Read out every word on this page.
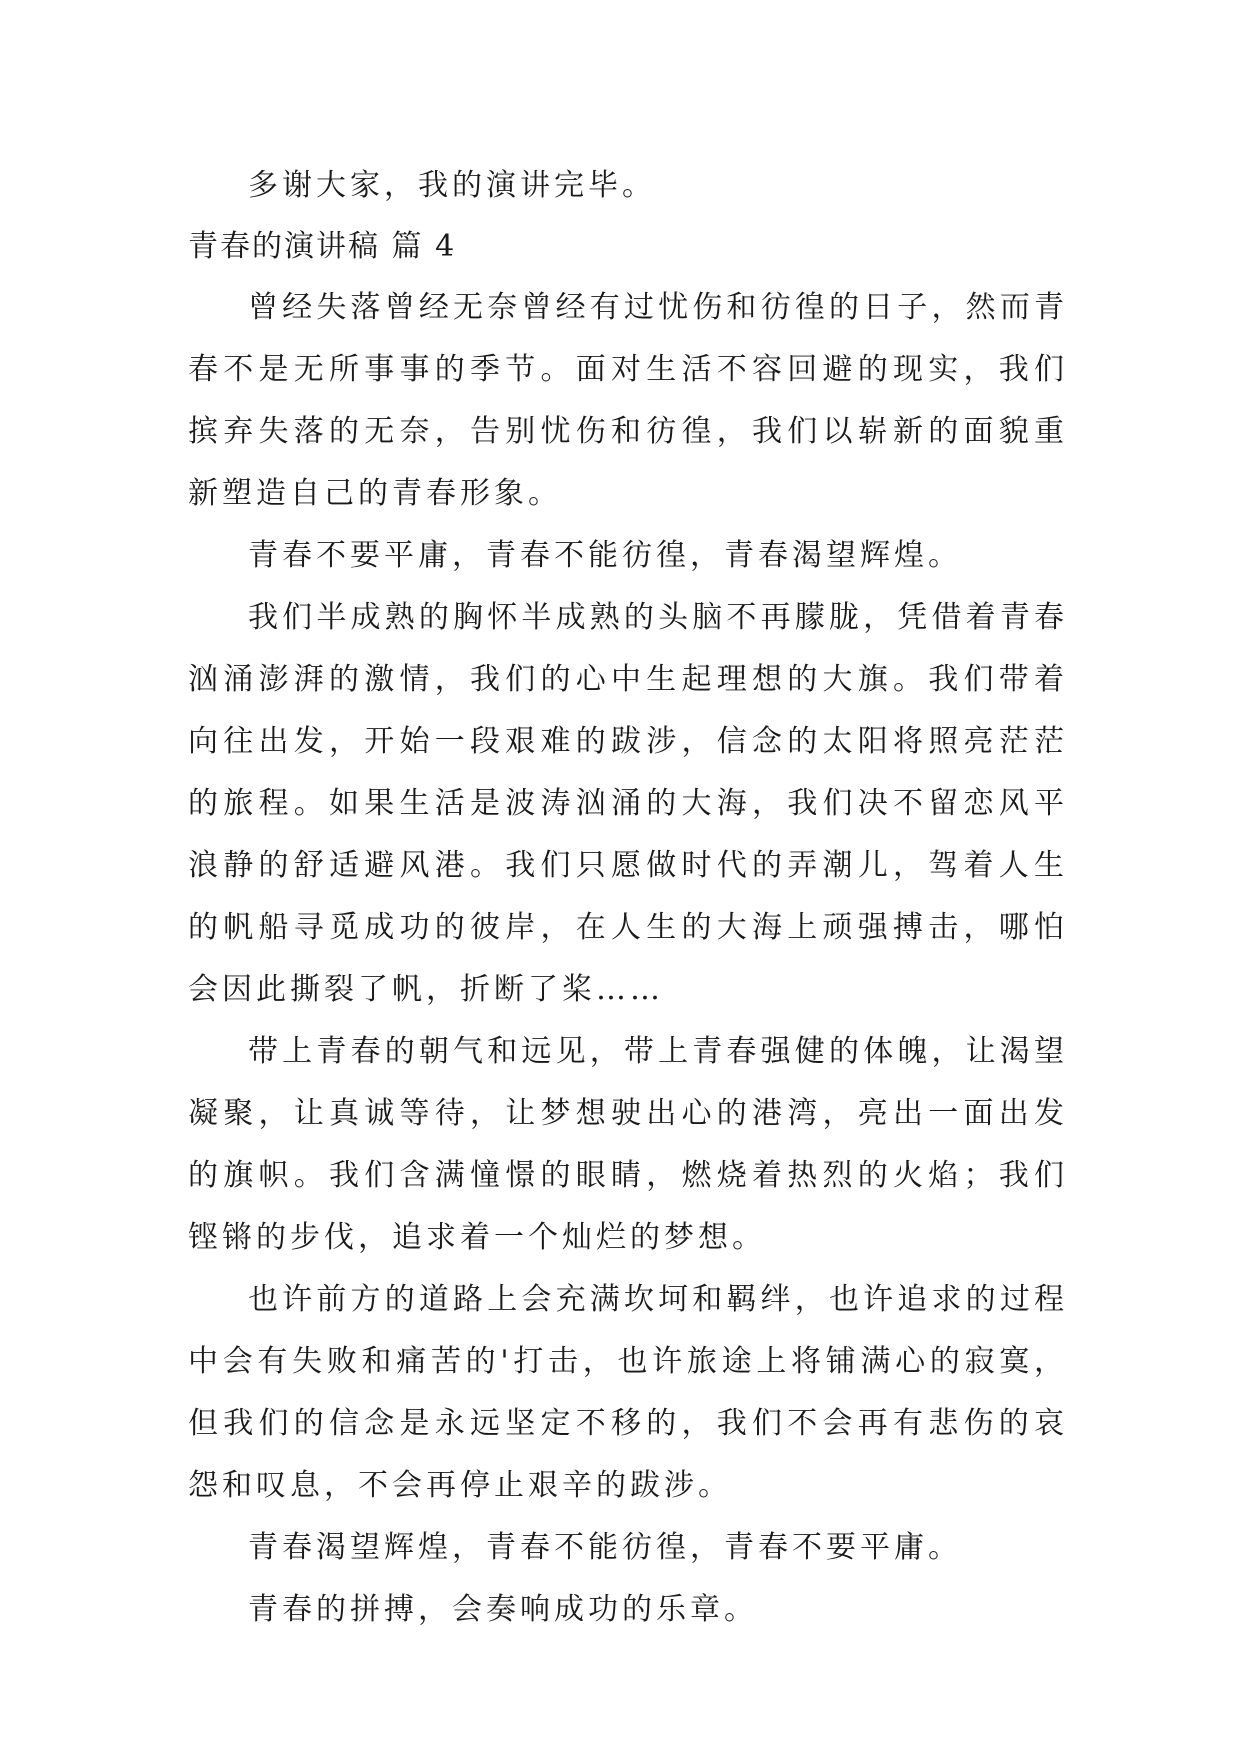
多谢大家，我的演讲完毕。

青春的演讲稿 篇 4

曾经失落曾经无奈曾经有过忧伤和彷徨的日子，然而青春不是无所事事的季节。面对生活不容回避的现实，我们摈弃失落的无奈，告别忧伤和彷徨，我们以崭新的面貌重新塑造自己的青春形象。

青春不要平庸，青春不能彷徨，青春渴望辉煌。

我们半成熟的胸怀半成熟的头脑不再朦胧，凭借着青春汹涌澎湃的激情，我们的心中生起理想的大旗。我们带着向往出发，开始一段艰难的跋涉，信念的太阳将照亮茫茫的旅程。如果生活是波涛汹涌的大海，我们决不留恋风平浪静的舒适避风港。我们只愿做时代的弄潮儿，驾着人生的帆船寻觅成功的彼岸，在人生的大海上顽强搏击，哪怕会因此撕裂了帆，折断了桨……

带上青春的朝气和远见，带上青春强健的体魄，让渴望凝聚，让真诚等待，让梦想驶出心的港湾，亮出一面出发的旗帜。我们含满憧憬的眼睛，燃烧着热烈的火焰；我们铿锵的步伐，追求着一个灿烂的梦想。

也许前方的道路上会充满坎坷和羁绊，也许追求的过程中会有失败和痛苦的'打击，也许旅途上将铺满心的寂寞，但我们的信念是永远坚定不移的，我们不会再有悲伤的哀怨和叹息，不会再停止艰辛的跋涉。

青春渴望辉煌，青春不能彷徨，青春不要平庸。

青春的拼搏，会奏响成功的乐章。
